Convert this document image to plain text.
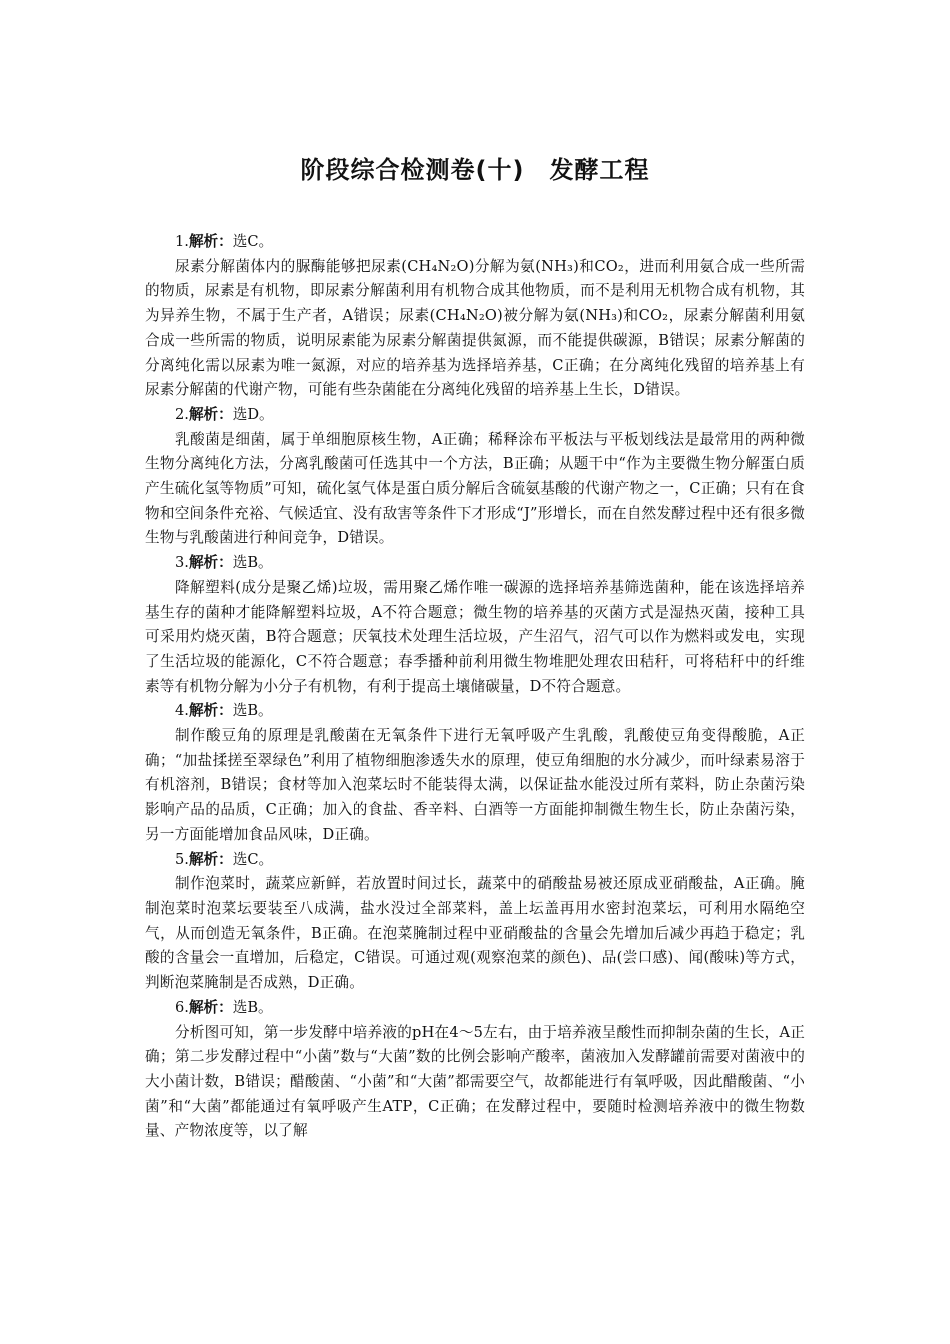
阶段综合检测卷(十)　发酵工程

1.解析：选C。

尿素分解菌体内的脲酶能够把尿素(CH₄N₂O)分解为氨(NH₃)和CO₂，进而利用氨合成一些所需的物质，尿素是有机物，即尿素分解菌利用有机物合成其他物质，而不是利用无机物合成有机物，其为异养生物，不属于生产者，A错误；尿素(CH₄N₂O)被分解为氨(NH₃)和CO₂，尿素分解菌利用氨合成一些所需的物质，说明尿素能为尿素分解菌提供氮源，而不能提供碳源，B错误；尿素分解菌的分离纯化需以尿素为唯一氮源，对应的培养基为选择培养基，C正确；在分离纯化残留的培养基上有尿素分解菌的代谢产物，可能有些杂菌能在分离纯化残留的培养基上生长，D错误。

2.解析：选D。

乳酸菌是细菌，属于单细胞原核生物，A正确；稀释涂布平板法与平板划线法是最常用的两种微生物分离纯化方法，分离乳酸菌可任选其中一个方法，B正确；从题干中“作为主要微生物分解蛋白质产生硫化氢等物质”可知，硫化氢气体是蛋白质分解后含硫氨基酸的代谢产物之一，C正确；只有在食物和空间条件充裕、气候适宜、没有敌害等条件下才形成“J”形增长，而在自然发酵过程中还有很多微生物与乳酸菌进行种间竞争，D错误。

3.解析：选B。

降解塑料(成分是聚乙烯)垃圾，需用聚乙烯作唯一碳源的选择培养基筛选菌种，能在该选择培养基生存的菌种才能降解塑料垃圾，A不符合题意；微生物的培养基的灭菌方式是湿热灭菌，接种工具可采用灼烧灭菌，B符合题意；厌氧技术处理生活垃圾，产生沼气，沼气可以作为燃料或发电，实现了生活垃圾的能源化，C不符合题意；春季播种前利用微生物堆肥处理农田秸秆，可将秸秆中的纤维素等有机物分解为小分子有机物，有利于提高土壤储碳量，D不符合题意。

4.解析：选B。

制作酸豆角的原理是乳酸菌在无氧条件下进行无氧呼吸产生乳酸，乳酸使豆角变得酸脆，A正确；“加盐揉搓至翠绿色”利用了植物细胞渗透失水的原理，使豆角细胞的水分减少，而叶绿素易溶于有机溶剂，B错误；食材等加入泡菜坛时不能装得太满，以保证盐水能没过所有菜料，防止杂菌污染影响产品的品质，C正确；加入的食盐、香辛料、白酒等一方面能抑制微生物生长，防止杂菌污染，另一方面能增加食品风味，D正确。

5.解析：选C。

制作泡菜时，蔬菜应新鲜，若放置时间过长，蔬菜中的硝酸盐易被还原成亚硝酸盐，A正确。腌制泡菜时泡菜坛要装至八成满，盐水没过全部菜料，盖上坛盖再用水密封泡菜坛，可利用水隔绝空气，从而创造无氧条件，B正确。在泡菜腌制过程中亚硝酸盐的含量会先增加后减少再趋于稳定；乳酸的含量会一直增加，后稳定，C错误。可通过观(观察泡菜的颜色)、品(尝口感)、闻(酸味)等方式，判断泡菜腌制是否成熟，D正确。

6.解析：选B。

分析图可知，第一步发酵中培养液的pH在4～5左右，由于培养液呈酸性而抑制杂菌的生长，A正确；第二步发酵过程中“小菌”数与“大菌”数的比例会影响产酸率，菌液加入发酵罐前需要对菌液中的大小菌计数，B错误；醋酸菌、“小菌”和“大菌”都需要空气，故都能进行有氧呼吸，因此醋酸菌、“小菌”和“大菌”都能通过有氧呼吸产生ATP，C正确；在发酵过程中，要随时检测培养液中的微生物数量、产物浓度等，以了解
